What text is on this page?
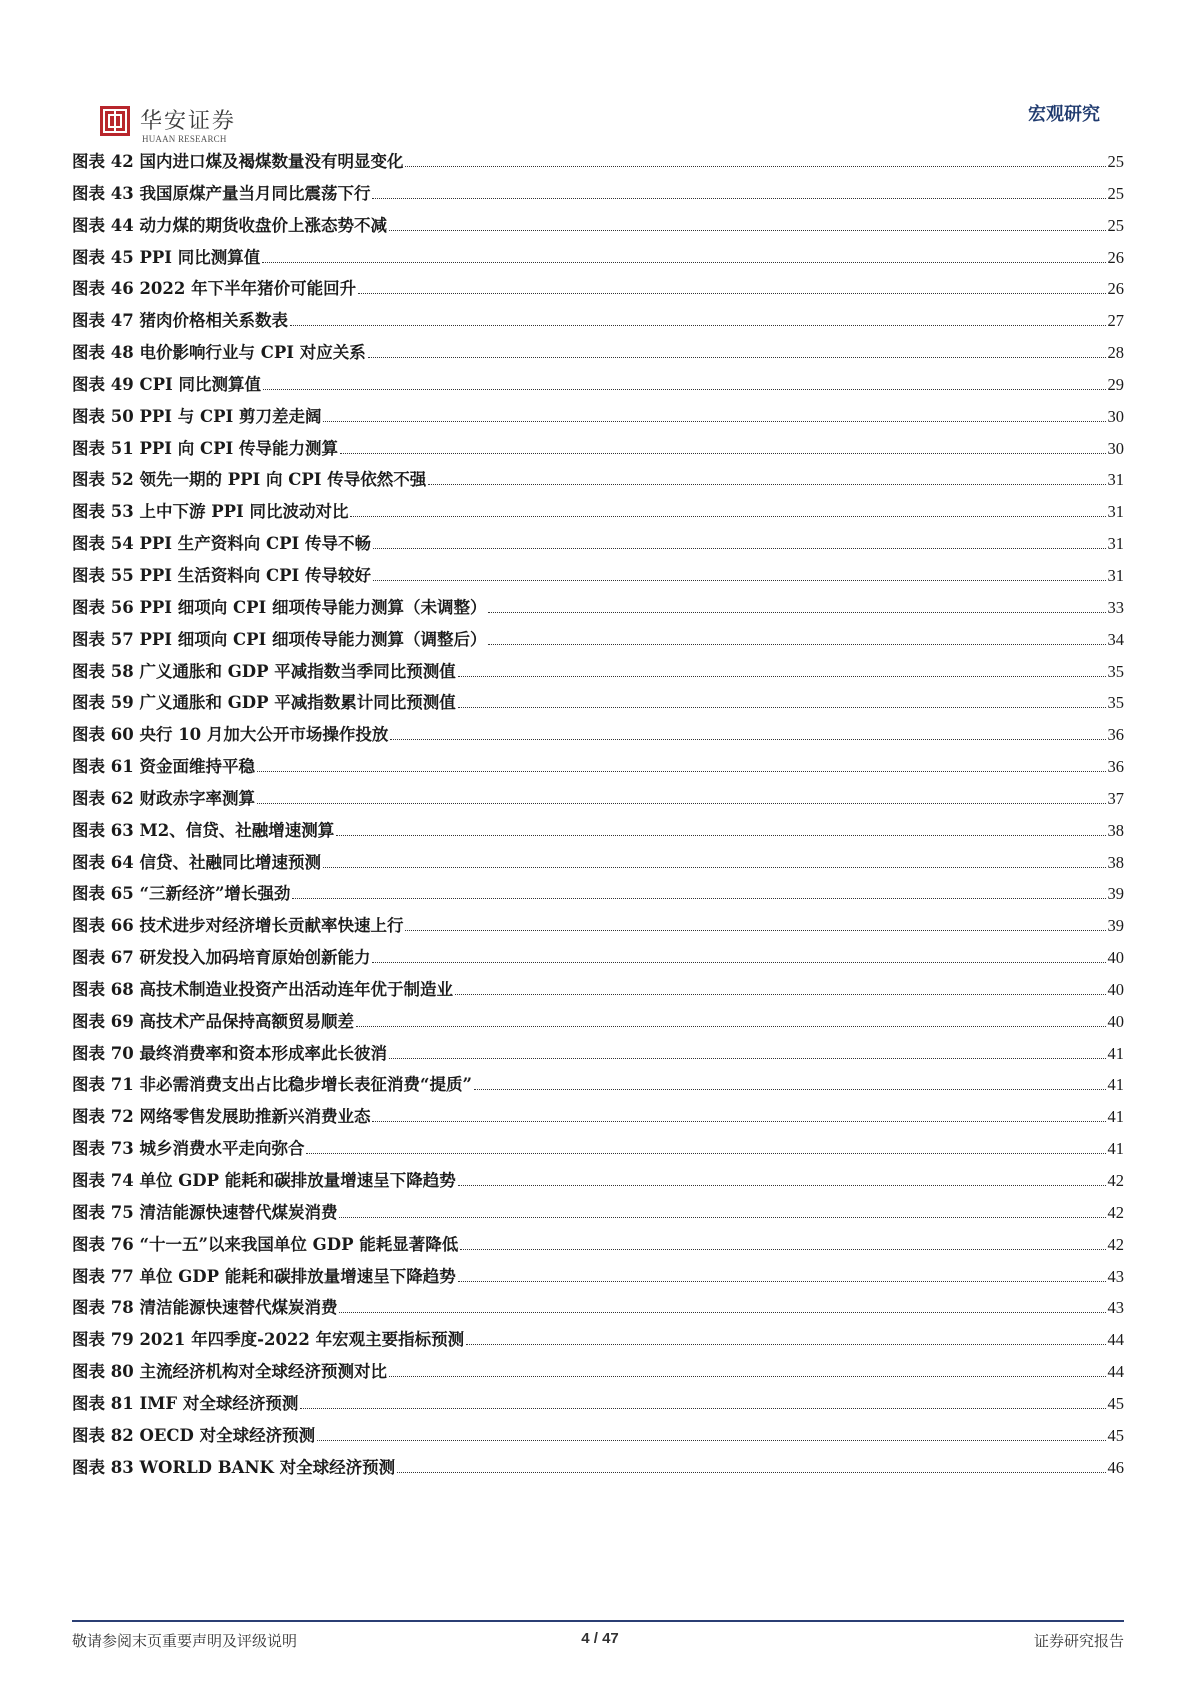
华安证券
HUAAN RESEARCH
宏观研究
图表 42 国内进口煤及褐煤数量没有明显变化	25
图表 43 我国原煤产量当月同比震荡下行	25
图表 44 动力煤的期货收盘价上涨态势不减	25
图表 45 PPI 同比测算值	26
图表 46 2022 年下半年猪价可能回升	26
图表 47 猪肉价格相关系数表	27
图表 48 电价影响行业与 CPI 对应关系	28
图表 49 CPI 同比测算值	29
图表 50 PPI 与 CPI 剪刀差走阔	30
图表 51 PPI 向 CPI 传导能力测算	30
图表 52 领先一期的 PPI 向 CPI 传导依然不强	31
图表 53 上中下游 PPI 同比波动对比	31
图表 54 PPI 生产资料向 CPI 传导不畅	31
图表 55 PPI 生活资料向 CPI 传导较好	31
图表 56 PPI 细项向 CPI 细项传导能力测算（未调整）	33
图表 57 PPI 细项向 CPI 细项传导能力测算（调整后）	34
图表 58 广义通胀和 GDP 平减指数当季同比预测值	35
图表 59 广义通胀和 GDP 平减指数累计同比预测值	35
图表 60 央行 10 月加大公开市场操作投放	36
图表 61 资金面维持平稳	36
图表 62 财政赤字率测算	37
图表 63 M2、信贷、社融增速测算	38
图表 64 信贷、社融同比增速预测	38
图表 65 “三新经济”增长强劲	39
图表 66 技术进步对经济增长贡献率快速上行	39
图表 67 研发投入加码培育原始创新能力	40
图表 68 高技术制造业投资产出活动连年优于制造业	40
图表 69 高技术产品保持高额贸易顺差	40
图表 70 最终消费率和资本形成率此长彼消	41
图表 71 非必需消费支出占比稳步增长表征消费“提质”	41
图表 72 网络零售发展助推新兴消费业态	41
图表 73 城乡消费水平走向弥合	41
图表 74 单位 GDP 能耗和碳排放量增速呈下降趋势	42
图表 75 清洁能源快速替代煤炭消费	42
图表 76 “十一五”以来我国单位 GDP 能耗显著降低	42
图表 77 单位 GDP 能耗和碳排放量增速呈下降趋势	43
图表 78 清洁能源快速替代煤炭消费	43
图表 79 2021 年四季度-2022 年宏观主要指标预测	44
图表 80 主流经济机构对全球经济预测对比	44
图表 81 IMF 对全球经济预测	45
图表 82 OECD 对全球经济预测	45
图表 83 WORLD BANK 对全球经济预测	46
敬请参阅末页重要声明及评级说明	4 / 47	证券研究报告
